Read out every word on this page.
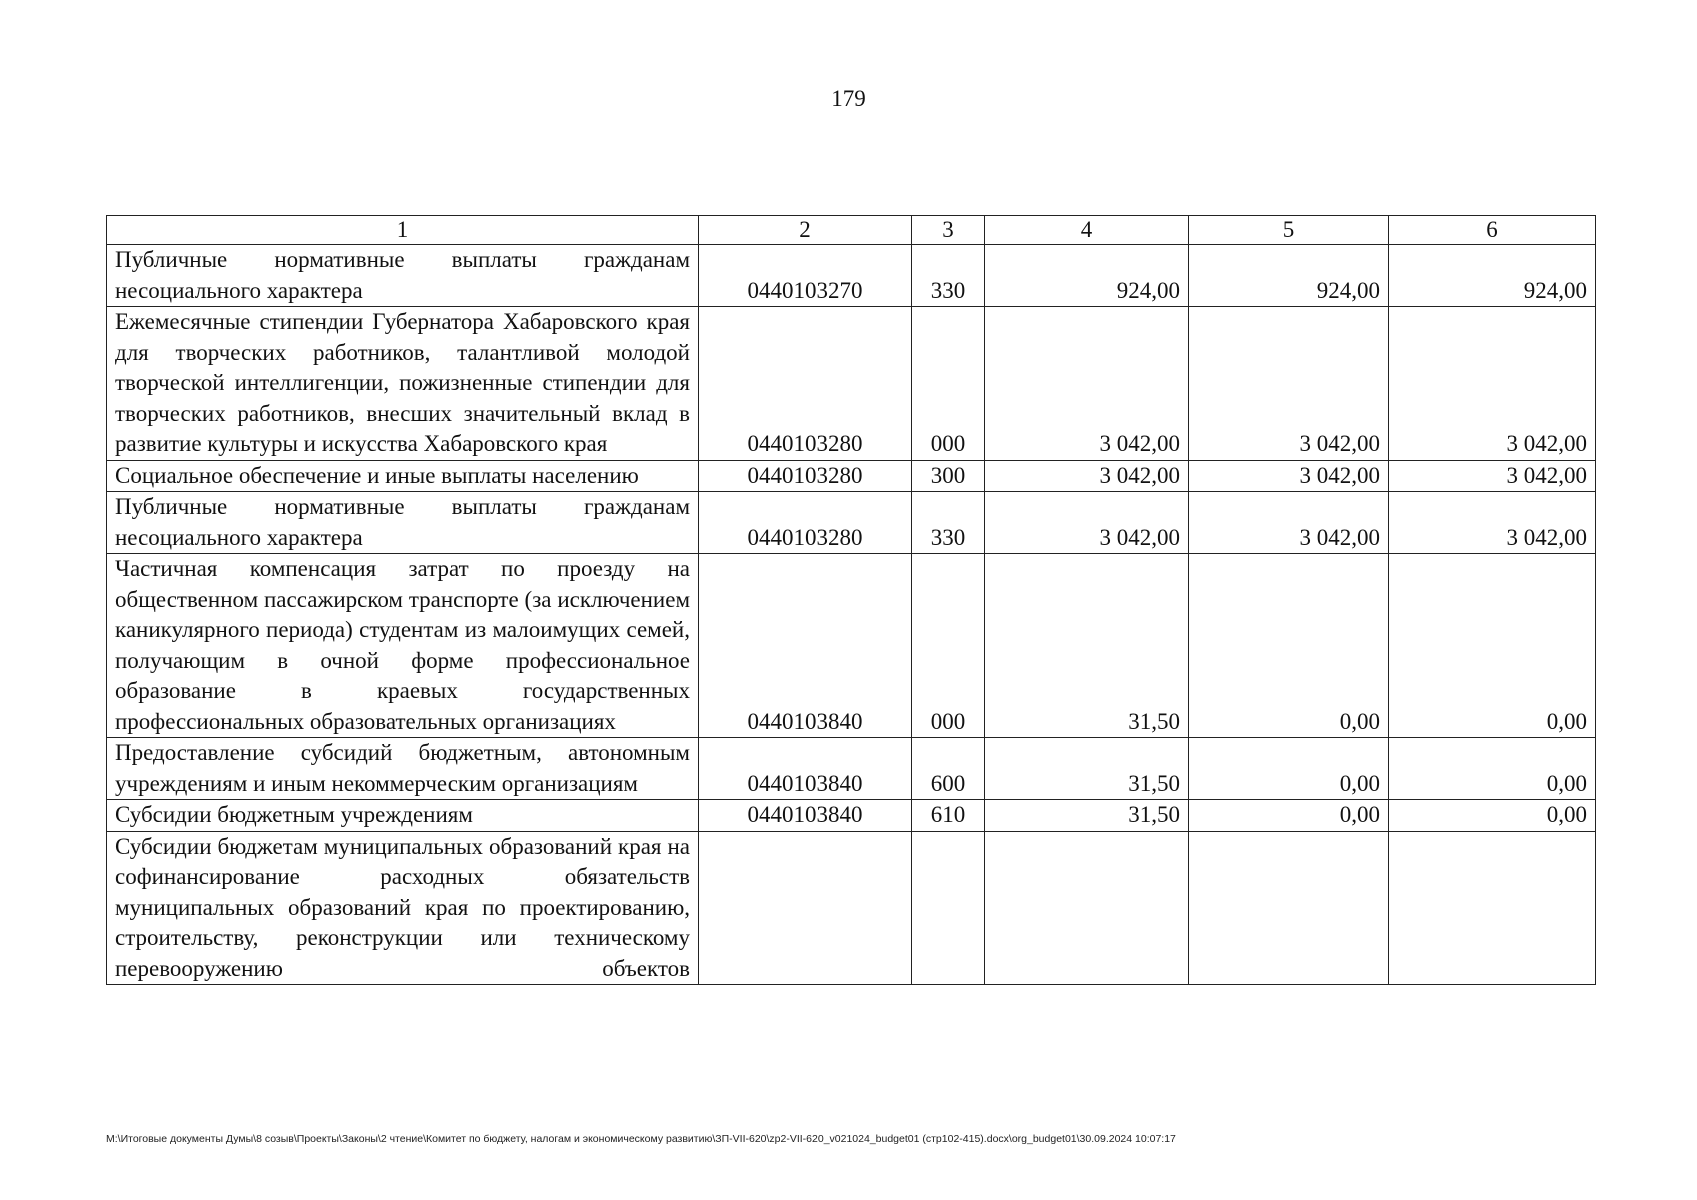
179
1	2	3	4	5	6
Публичные нормативные выплаты гражданам несоциального характера	0440103270	330	924,00	924,00	924,00
Ежемесячные стипендии Губернатора Хабаровского края для творческих работников, талантливой молодой творческой интеллигенции, пожизненные стипендии для творческих работников, внесших значительный вклад в развитие культуры и искусства Хабаровского края	0440103280	000	3 042,00	3 042,00	3 042,00
Социальное обеспечение и иные выплаты населению	0440103280	300	3 042,00	3 042,00	3 042,00
Публичные нормативные выплаты гражданам несоциального характера	0440103280	330	3 042,00	3 042,00	3 042,00
Частичная компенсация затрат по проезду на общественном пассажирском транспорте (за исключением каникулярного периода) студентам из малоимущих семей, получающим в очной форме профессиональное образование в краевых государственных профессиональных образовательных организациях	0440103840	000	31,50	0,00	0,00
Предоставление субсидий бюджетным, автономным учреждениям и иным некоммерческим организациям	0440103840	600	31,50	0,00	0,00
Субсидии бюджетным учреждениям	0440103840	610	31,50	0,00	0,00
Субсидии бюджетам муниципальных образований края на софинансирование расходных обязательств муниципальных образований края по проектированию, строительству, реконструкции или техническому перевооружению объектов					
M:\Итоговые документы Думы\8 созыв\Проекты\Законы\2 чтение\Комитет по бюджету, налогам и экономическому развитию\ЗП-VII-620\zp2-VII-620_v021024_budget01 (стр102-415).docx\org_budget01\30.09.2024 10:07:17
